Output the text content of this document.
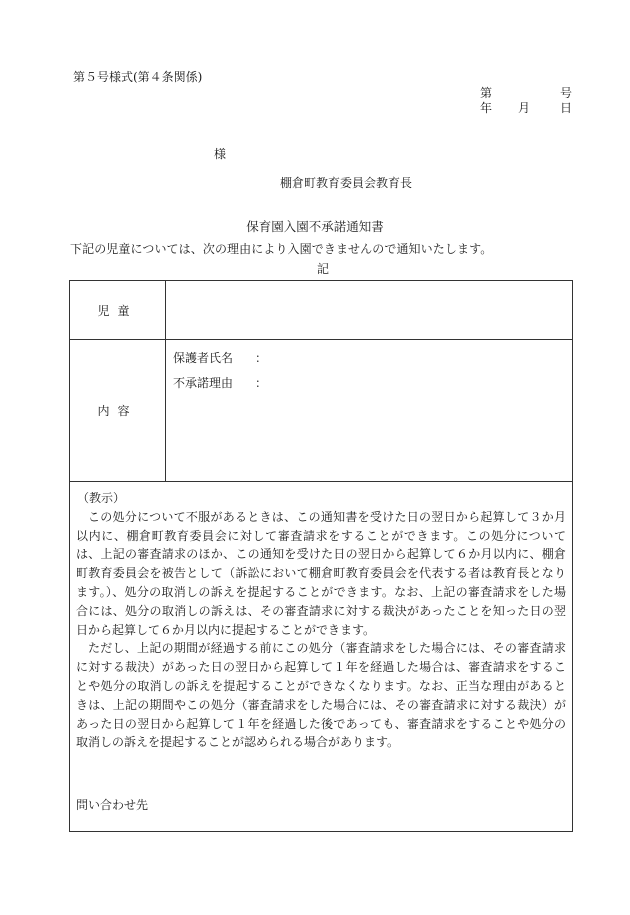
第５号様式(第４条関係)
第	号
年 月 日
様
棚倉町教育委員会教育長
保育園入園不承諾通知書
下記の児童については、次の理由により入園できませんので通知いたします。
記
児童
内容
保護者氏名 ：
不承諾理由 ：

（教示）

この処分について不服があるときは、この通知書を受けた日の翌日から起算して３か月以内に、棚倉町教育委員会に対して審査請求をすることができます。この処分については、上記の審査請求のほか、この通知を受けた日の翌日から起算して６か月以内に、棚倉町教育委員会を被告として（訴訟において棚倉町教育委員会を代表する者は教育長となります。）、処分の取消しの訴えを提起することができます。なお、上記の審査請求をした場合には、処分の取消しの訴えは、その審査請求に対する裁決があったことを知った日の翌日から起算して６か月以内に提起することができます。

ただし、上記の期間が経過する前にこの処分（審査請求をした場合には、その審査請求に対する裁決）があった日の翌日から起算して１年を経過した場合は、審査請求をすることや処分の取消しの訴えを提起することができなくなります。なお、正当な理由があるときは、上記の期間やこの処分（審査請求をした場合には、その審査請求に対する裁決）があった日の翌日から起算して１年を経過した後であっても、審査請求をすることや処分の取消しの訴えを提起することが認められる場合があります。

問い合わせ先
